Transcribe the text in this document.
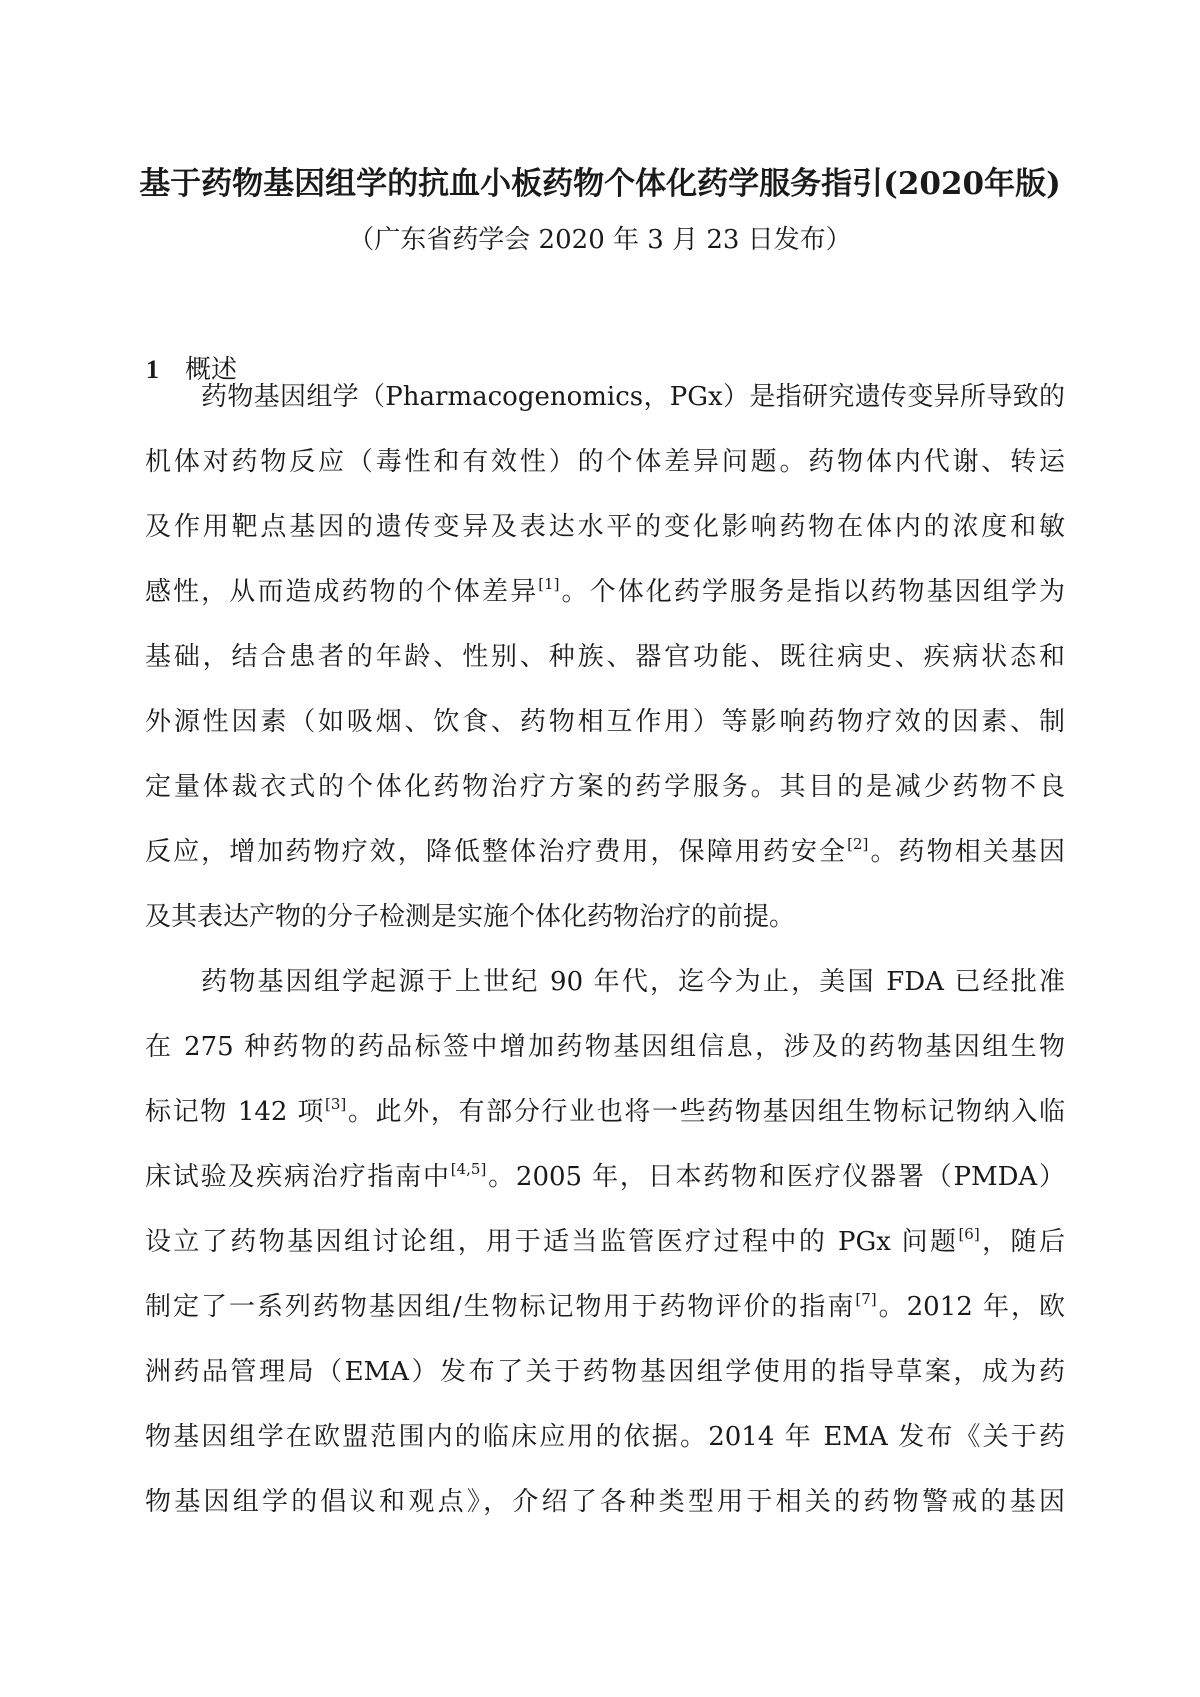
基于药物基因组学的抗血小板药物个体化药学服务指引(2020年版)
（广东省药学会 2020 年 3 月 23 日发布）
1 概述
药物基因组学（Pharmacogenomics，PGx）是指研究遗传变异所导致的
机体对药物反应（毒性和有效性）的个体差异问题。药物体内代谢、转运
及作用靶点基因的遗传变异及表达水平的变化影响药物在体内的浓度和敏
感性，从而造成药物的个体差异[1]。个体化药学服务是指以药物基因组学为
基础，结合患者的年龄、性别、种族、器官功能、既往病史、疾病状态和
外源性因素（如吸烟、饮食、药物相互作用）等影响药物疗效的因素、制
定量体裁衣式的个体化药物治疗方案的药学服务。其目的是减少药物不良
反应，增加药物疗效，降低整体治疗费用，保障用药安全[2]。药物相关基因
及其表达产物的分子检测是实施个体化药物治疗的前提。
药物基因组学起源于上世纪 90 年代，迄今为止，美国 FDA 已经批准
在 275 种药物的药品标签中增加药物基因组信息，涉及的药物基因组生物
标记物 142 项[3]。此外，有部分行业也将一些药物基因组生物标记物纳入临
床试验及疾病治疗指南中[4,5]。2005 年，日本药物和医疗仪器署（PMDA）
设立了药物基因组讨论组，用于适当监管医疗过程中的 PGx 问题[6]，随后
制定了一系列药物基因组/生物标记物用于药物评价的指南[7]。2012 年，欧
洲药品管理局（EMA）发布了关于药物基因组学使用的指导草案，成为药
物基因组学在欧盟范围内的临床应用的依据。2014 年 EMA 发布《关于药
物基因组学的倡议和观点》，介绍了各种类型用于相关的药物警戒的基因
